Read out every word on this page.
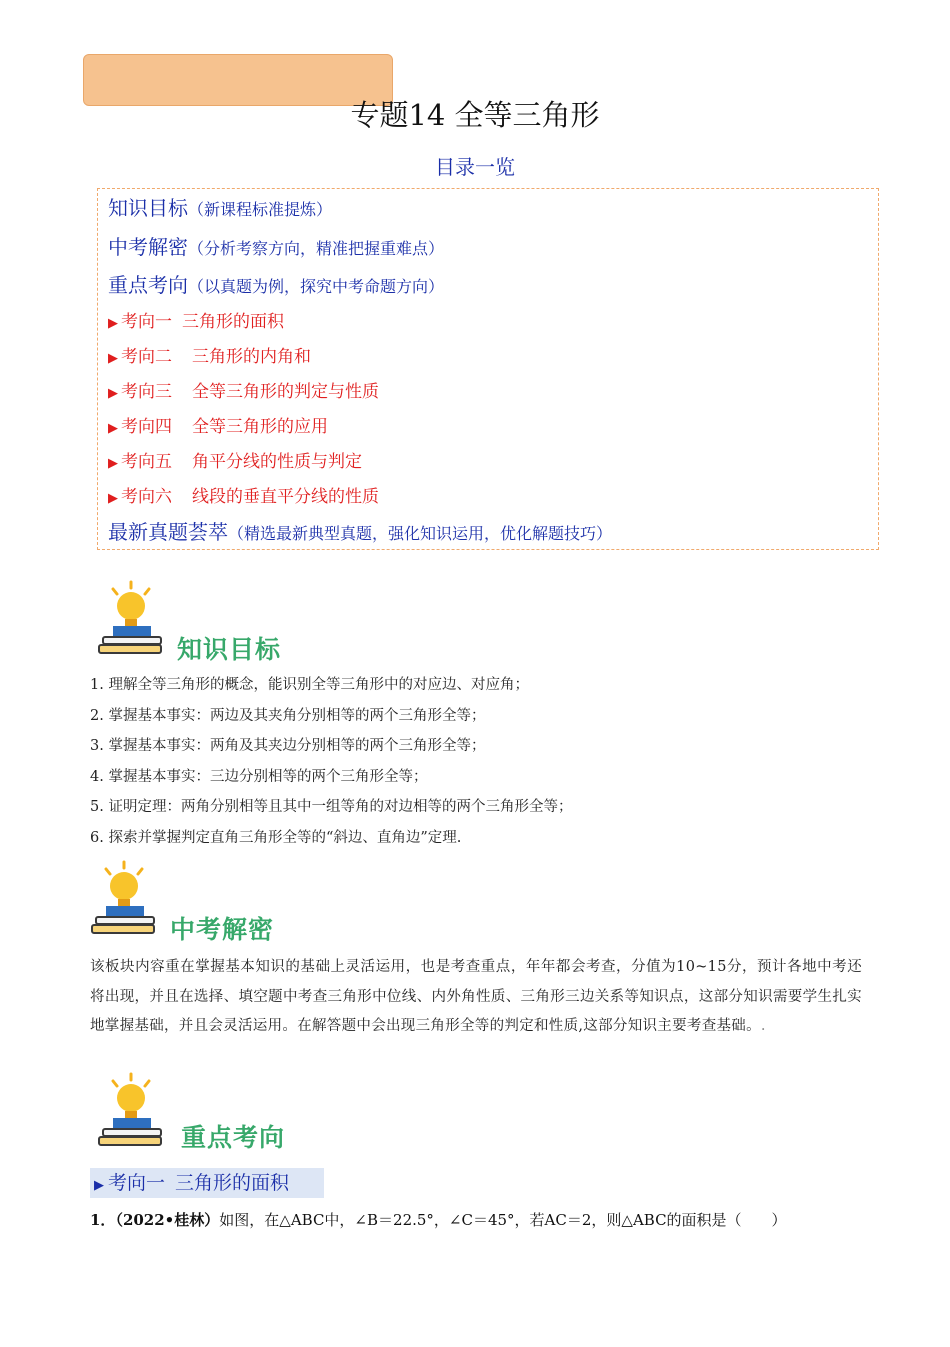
专题14 全等三角形
目录一览
知识目标（新课程标准提炼）
中考解密（分析考察方向，精准把握重难点）
重点考向（以真题为例，探究中考命题方向）
▶ 考向一 三角形的面积
▶ 考向二 三角形的内角和
▶ 考向三 全等三角形的判定与性质
▶ 考向四 全等三角形的应用
▶ 考向五 角平分线的性质与判定
▶ 考向六 线段的垂直平分线的性质
最新真题荟萃（精选最新典型真题，强化知识运用，优化解题技巧）
知识目标
1. 理解全等三角形的概念，能识别全等三角形中的对应边、对应角；
2. 掌握基本事实：两边及其夹角分别相等的两个三角形全等；
3. 掌握基本事实：两角及其夹边分别相等的两个三角形全等；
4. 掌握基本事实：三边分别相等的两个三角形全等；
5. 证明定理：两角分别相等且其中一组等角的对边相等的两个三角形全等；
6. 探索并掌握判定直角三角形全等的“斜边、直角边”定理.
中考解密
该板块内容重在掌握基本知识的基础上灵活运用，也是考查重点，年年都会考查，分值为10~15分，预计各地中考还将出现，并且在选择、填空题中考查三角形中位线、内外角性质、三角形三边关系等知识点，这部分知识需要学生扎实地掌握基础，并且会灵活运用。在解答题中会出现三角形全等的判定和性质,这部分知识主要考查基础。.
重点考向
▶ 考向一 三角形的面积
1．（2022•桂林）如图，在△ABC中，∠B＝22.5°，∠C＝45°，若AC＝2，则△ABC的面积是（　　）
